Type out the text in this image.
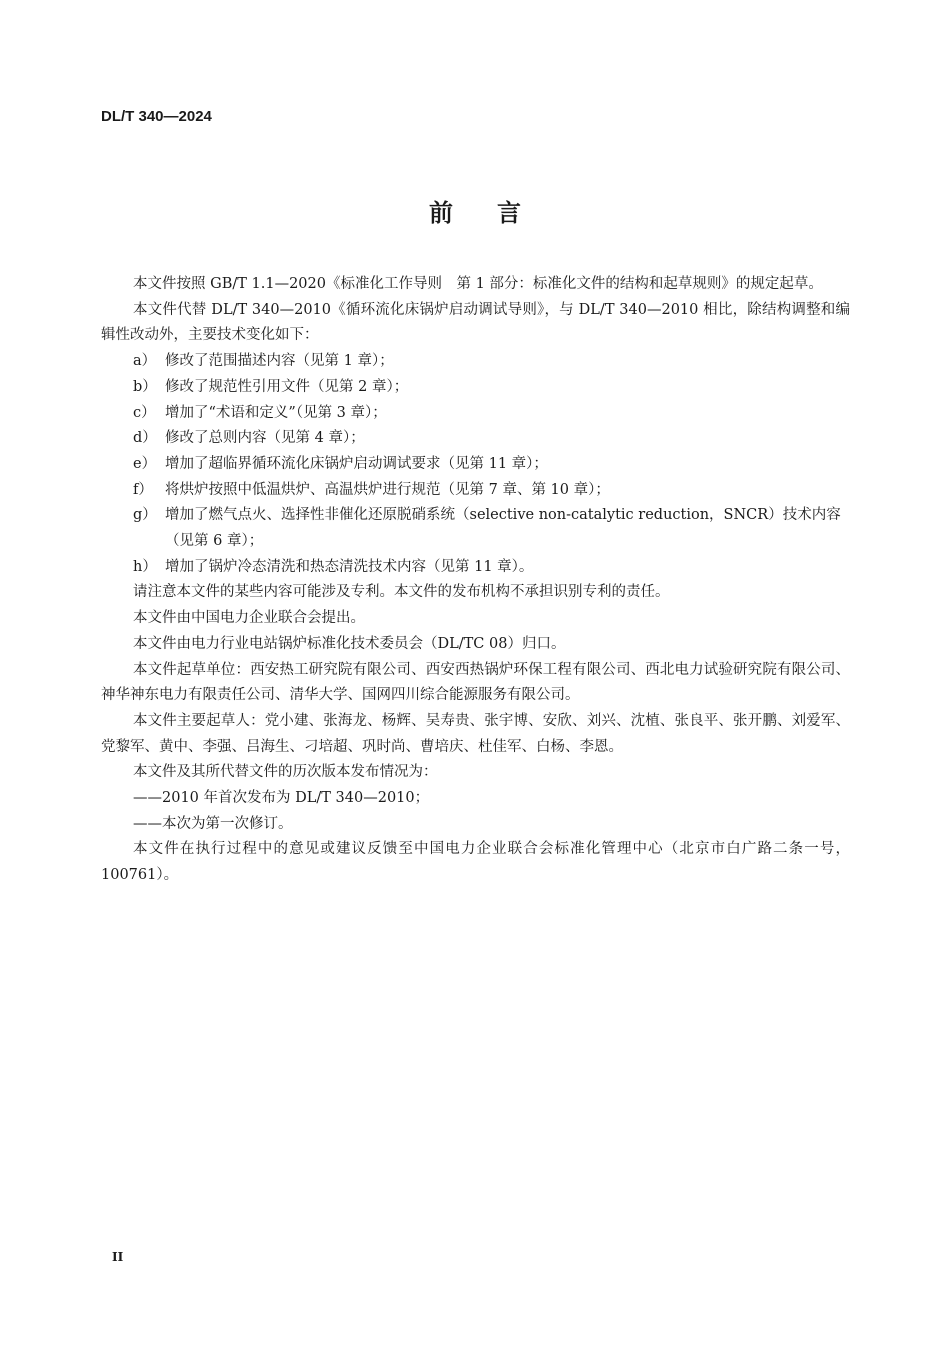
DL/T 340—2024
前言

本文件按照 GB/T 1.1—2020《标准化工作导则　第 1 部分：标准化文件的结构和起草规则》的规定起草。

本文件代替 DL/T 340—2010《循环流化床锅炉启动调试导则》，与 DL/T 340—2010 相比，除结构调整和编辑性改动外，主要技术变化如下：

a） 修改了范围描述内容（见第 1 章）；

b） 修改了规范性引用文件（见第 2 章）；

c） 增加了“术语和定义”（见第 3 章）；

d） 修改了总则内容（见第 4 章）；

e） 增加了超临界循环流化床锅炉启动调试要求（见第 11 章）；

f） 将烘炉按照中低温烘炉、高温烘炉进行规范（见第 7 章、第 10 章）；

g） 增加了燃气点火、选择性非催化还原脱硝系统（selective non-catalytic reduction，SNCR）技术内容（见第 6 章）；

h） 增加了锅炉冷态清洗和热态清洗技术内容（见第 11 章）。

请注意本文件的某些内容可能涉及专利。本文件的发布机构不承担识别专利的责任。

本文件由中国电力企业联合会提出。

本文件由电力行业电站锅炉标准化技术委员会（DL/TC 08）归口。

本文件起草单位：西安热工研究院有限公司、西安西热锅炉环保工程有限公司、西北电力试验研究院有限公司、神华神东电力有限责任公司、清华大学、国网四川综合能源服务有限公司。

本文件主要起草人：党小建、张海龙、杨辉、吴寿贵、张宇博、安欣、刘兴、沈植、张良平、张开鹏、刘爱军、党黎军、黄中、李强、吕海生、刁培超、巩时尚、曹培庆、杜佳军、白杨、李恩。

本文件及其所代替文件的历次版本发布情况为：

——2010 年首次发布为 DL/T 340—2010；

——本次为第一次修订。

本文件在执行过程中的意见或建议反馈至中国电力企业联合会标准化管理中心（北京市白广路二条一号，100761）。

II
